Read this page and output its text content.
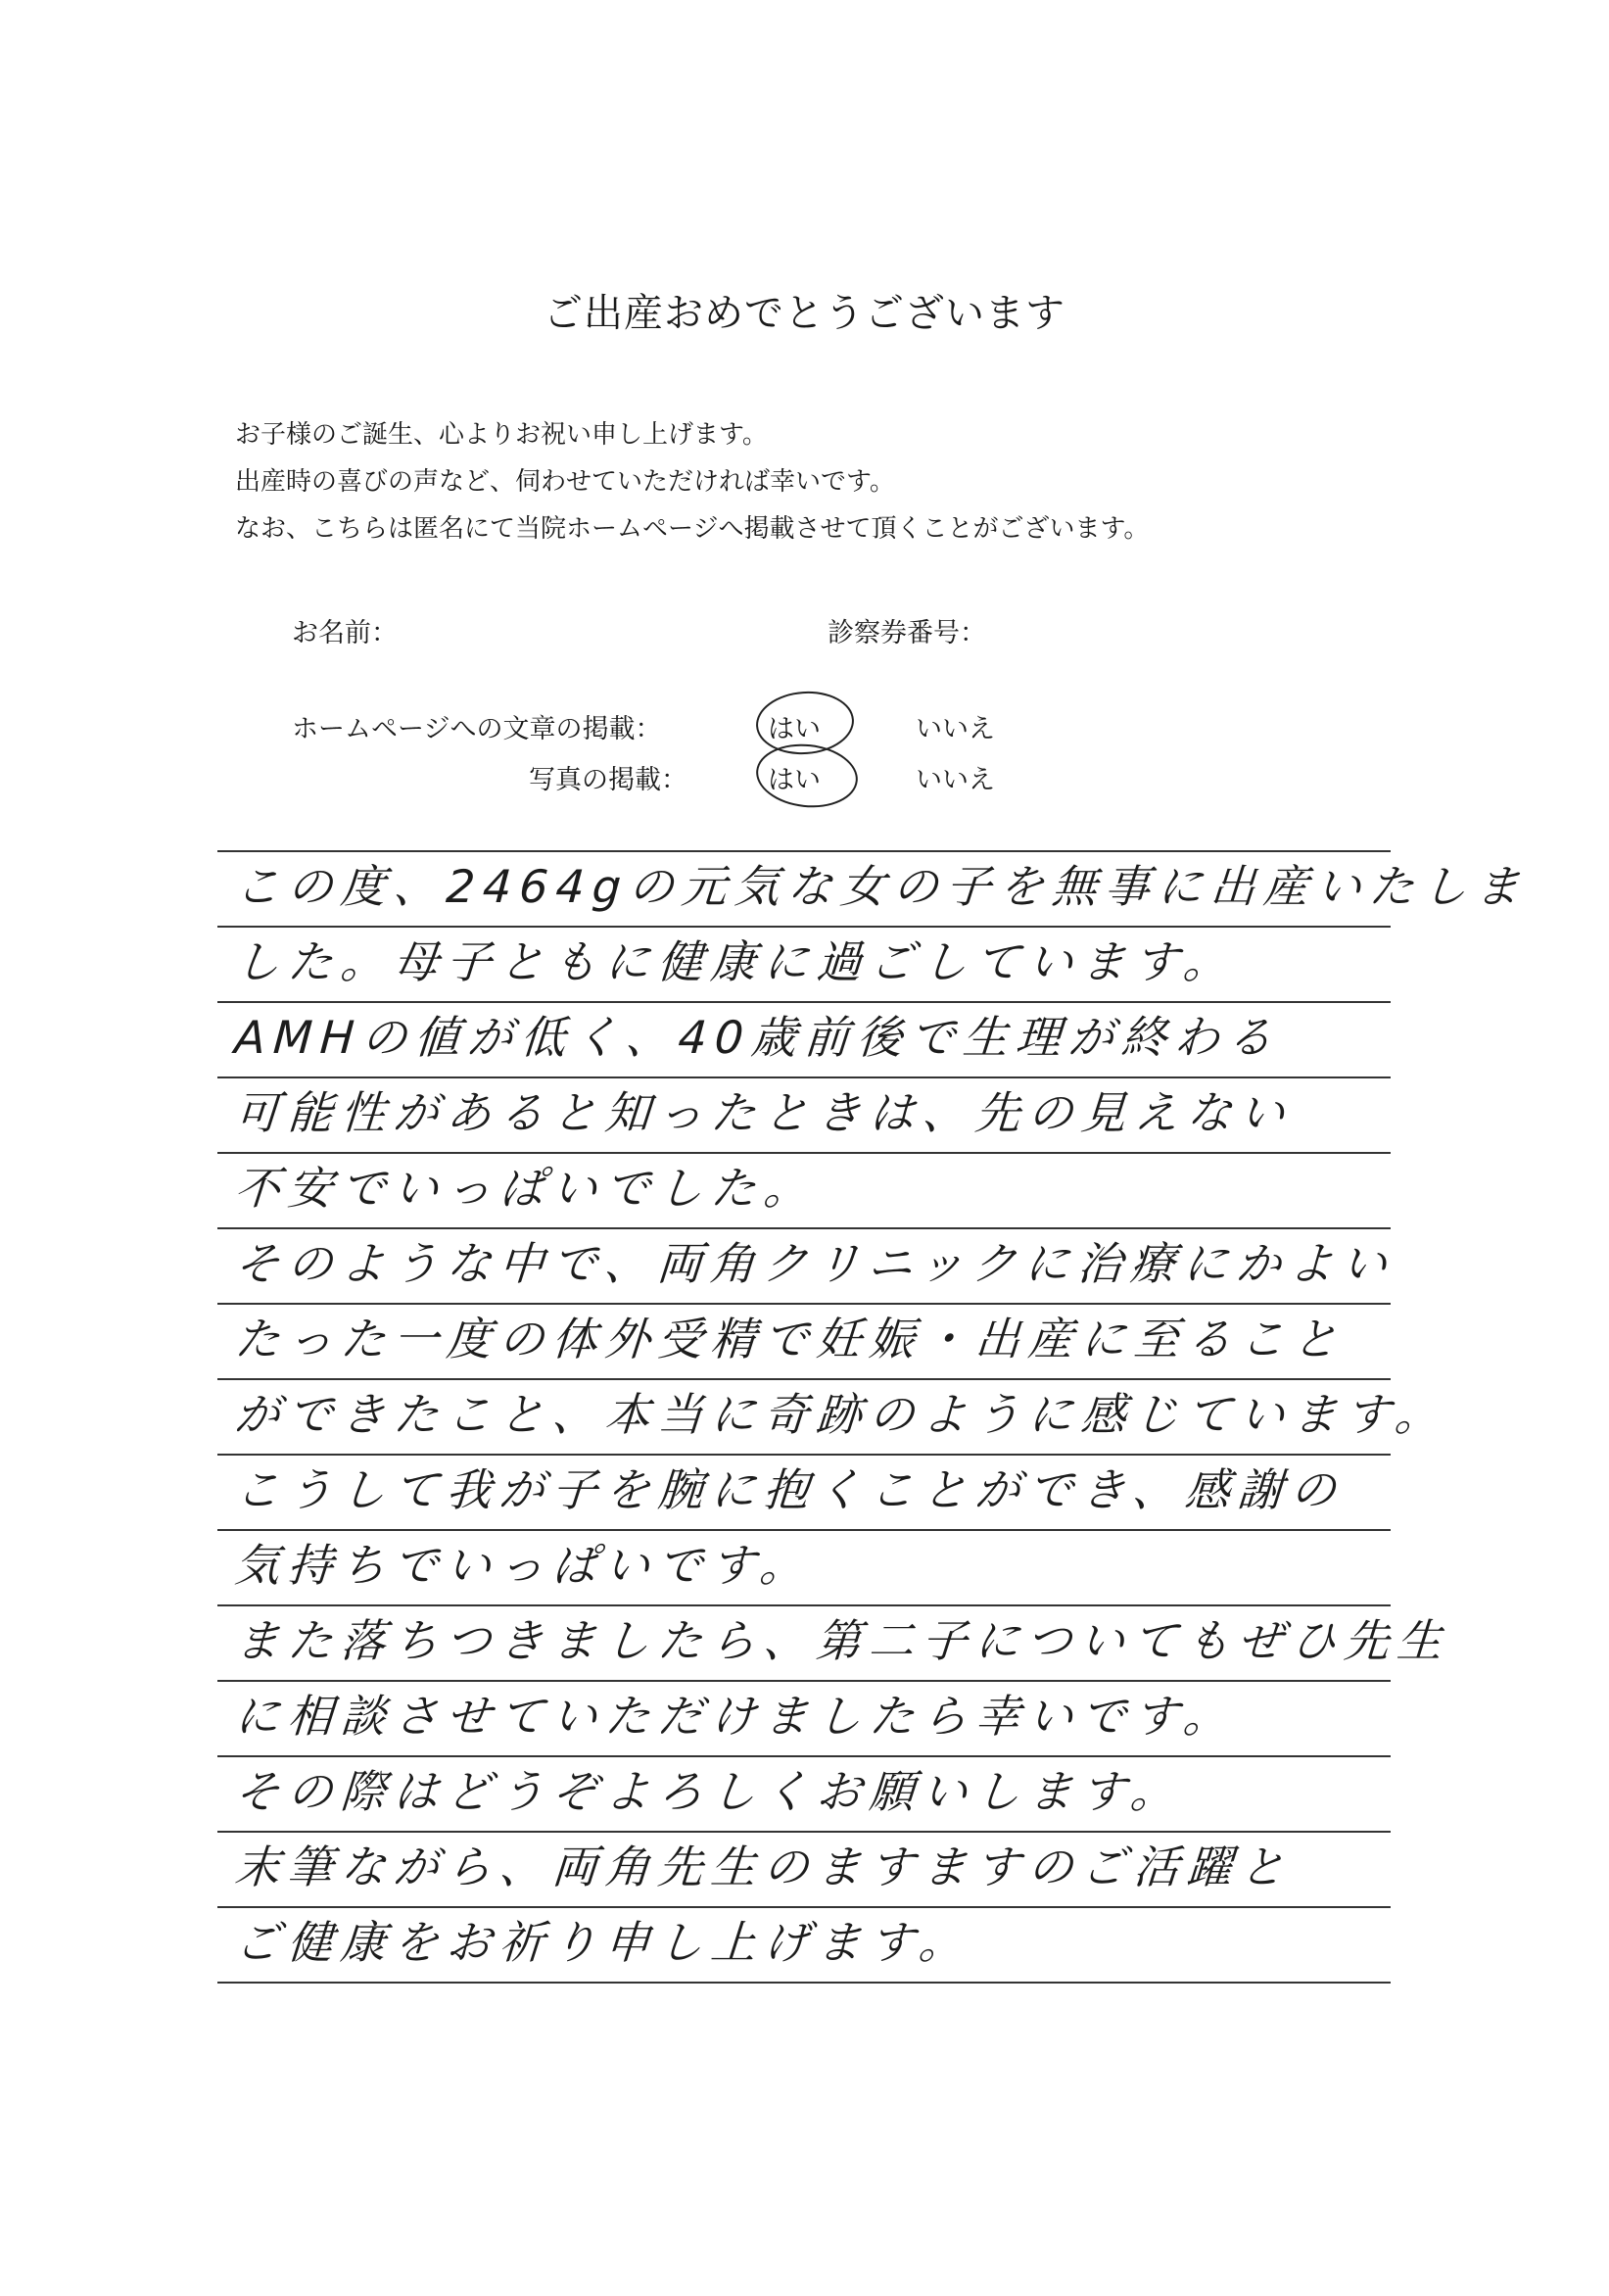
ご出産おめでとうございます
お子様のご誕生、心よりお祝い申し上げます。
出産時の喜びの声など、伺わせていただければ幸いです。
なお、こちらは匿名にて当院ホームページへ掲載させて頂くことがございます。
お名前：	診察券番号：
ホームページへの文章の掲載：	はい	いいえ
写真の掲載：	はい	いいえ
この度、2464gの元気な女の子を無事に出産いたしま
した。母子ともに健康に過ごしています。
AMHの値が低く、40歳前後で生理が終わる
可能性があると知ったときは、先の見えない
不安でいっぱいでした。
そのような中で、両角クリニックに治療にかよい
たった一度の体外受精で妊娠・出産に至ること
ができたこと、本当に奇跡のように感じています。
こうして我が子を腕に抱くことができ、感謝の
気持ちでいっぱいです。
また落ちつきましたら、第二子についてもぜひ先生
に相談させていただけましたら幸いです。
その際はどうぞよろしくお願いします。
末筆ながら、両角先生のますますのご活躍と
ご健康をお祈り申し上げます。
